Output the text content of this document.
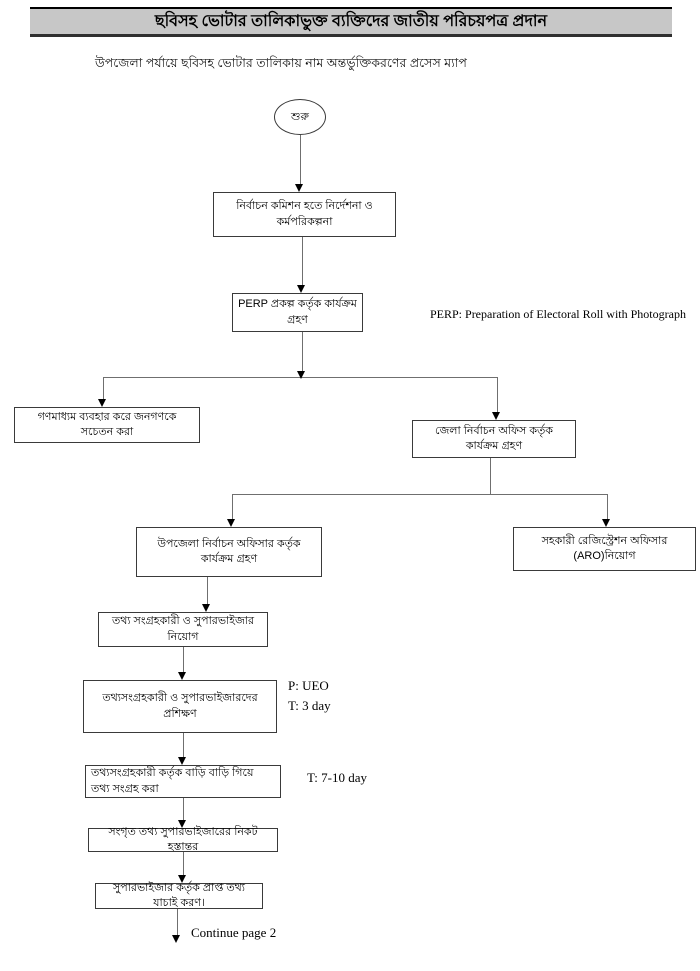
ছবিসহ ভোটার তালিকাভুক্ত ব্যক্তিদের জাতীয় পরিচয়পত্র প্রদান
উপজেলা পর্যায়ে ছবিসহ ভোটার তালিকায় নাম অন্তর্ভুক্তিকরণের প্রসেস ম্যাপ
শুরু
নির্বাচন কমিশন হতে নির্দেশনা ও কর্মপরিকল্পনা
PERP প্রকল্প কর্তৃক কার্যক্রম গ্রহণ
গণমাধ্যম ব্যবহার করে জনগণকে সচেতন করা	জেলা নির্বাচন অফিস কর্তৃক কার্যক্রম গ্রহণ
উপজেলা নির্বাচন অফিসার কর্তৃক কার্যক্রম গ্রহণ
সহকারী রেজিস্ট্রেশন অফিসার (ARO)নিয়োগ
তথ্য সংগ্রহকারী ও সুপারভাইজার নিয়োগ
তথ্যসংগ্রহকারী ও সুপারভাইজারদের প্রশিক্ষণ
তথ্যসংগ্রহকারী কর্তৃক বাড়ি বাড়ি গিয়ে তথ্য সংগ্রহ করা
সংগৃত তথ্য সুপারভাইজারের নিকট হস্তান্তর
সুপারভাইজার কর্তৃক প্রাপ্ত তথ্য যাচাই করণ।
PERP: Preparation of Electoral Roll with Photograph
P: UEO
T: 3 day
T: 7-10 day
Continue page 2
